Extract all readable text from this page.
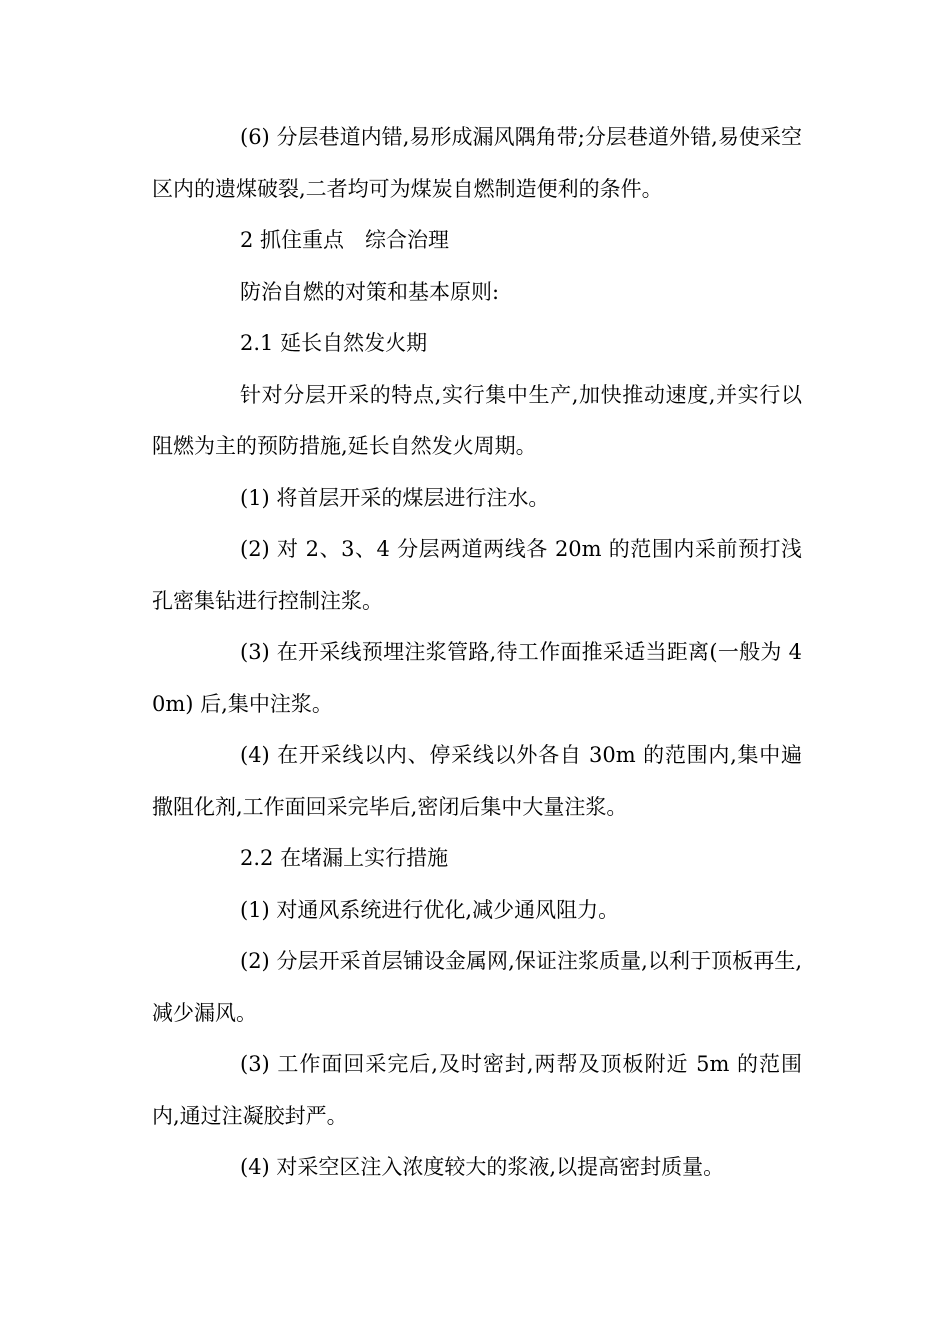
(6) 分层巷道内错,易形成漏风隅角带;分层巷道外错,易使采空区内的遗煤破裂,二者均可为煤炭自燃制造便利的条件。

2 抓住重点　综合治理

防治自燃的对策和基本原则:

2.1 延长自然发火期

针对分层开采的特点,实行集中生产,加快推动速度,并实行以阻燃为主的预防措施,延长自然发火周期。

(1) 将首层开采的煤层进行注水。

(2) 对 2、3、4 分层两道两线各 20m 的范围内采前预打浅孔密集钻进行控制注浆。

(3) 在开采线预埋注浆管路,待工作面推采适当距离(一般为 40m) 后,集中注浆。

(4) 在开采线以内、停采线以外各自 30m 的范围内,集中遍撒阻化剂,工作面回采完毕后,密闭后集中大量注浆。

2.2 在堵漏上实行措施

(1) 对通风系统进行优化,减少通风阻力。

(2) 分层开采首层铺设金属网,保证注浆质量,以利于顶板再生,减少漏风。

(3) 工作面回采完后,及时密封,两帮及顶板附近 5m 的范围内,通过注凝胶封严。

(4) 对采空区注入浓度较大的浆液,以提高密封质量。
